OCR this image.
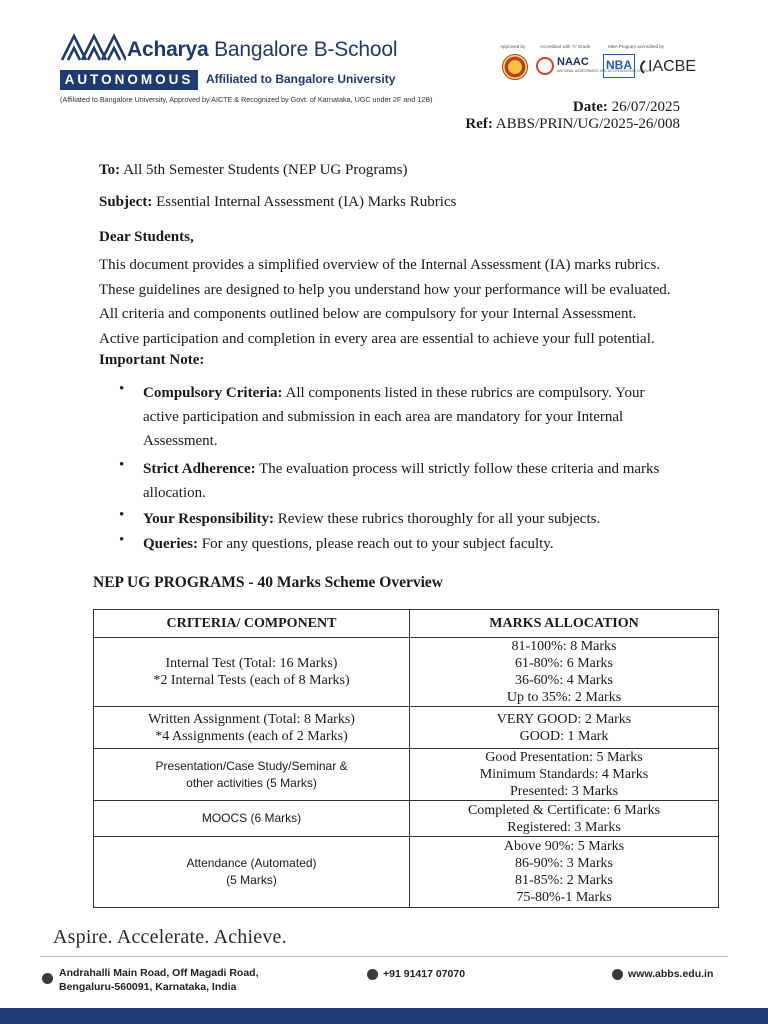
Acharya Bangalore B-School
AUTONOMOUS	Affiliated to Bangalore University
(Affiliated to Bangalore University, Approved by AICTE & Recognized by Govt. of Karnataka, UGC under 2F and 12B)
Approved by	Accredited with 'A' Grade	MBA Program accredited by
NAAC
NATIONAL ASSESSMENT AND ACCREDITATION COUNCIL
NBA IACBE
Date: 26/07/2025
Ref: ABBS/PRIN/UG/2025-26/008
To: All 5th Semester Students (NEP UG Programs)
Subject: Essential Internal Assessment (IA) Marks Rubrics
Dear Students,
This document provides a simplified overview of the Internal Assessment (IA) marks rubrics.
These guidelines are designed to help you understand how your performance will be evaluated.
All criteria and components outlined below are compulsory for your Internal Assessment.
Active participation and completion in every area are essential to achieve your full potential.
Important Note:
• Compulsory Criteria: All components listed in these rubrics are compulsory. Your
active participation and submission in each area are mandatory for your Internal
Assessment.
• Strict Adherence: The evaluation process will strictly follow these criteria and marks
allocation.
• Your Responsibility: Review these rubrics thoroughly for all your subjects.
• Queries: For any questions, please reach out to your subject faculty.
NEP UG PROGRAMS - 40 Marks Scheme Overview
CRITERIA/ COMPONENT	MARKS ALLOCATION

Internal Test (Total: 16 Marks)
*2 Internal Tests (each of 8 Marks)	81-100%: 8 Marks
61-80%: 6 Marks
36-60%: 4 Marks
Up to 35%: 2 Marks

Written Assignment (Total: 8 Marks)
*4 Assignments (each of 2 Marks)	VERY GOOD: 2 Marks
GOOD: 1 Mark

Presentation/Case Study/Seminar &
other activities (5 Marks)	Good Presentation: 5 Marks
Minimum Standards: 4 Marks
Presented: 3 Marks

MOOCS (6 Marks)	Completed & Certificate: 6 Marks
Registered: 3 Marks

Attendance (Automated)
(5 Marks)	Above 90%: 5 Marks
86-90%: 3 Marks
81-85%: 2 Marks
75-80%-1 Marks
Aspire. Accelerate. Achieve.
Andrahalli Main Road, Off Magadi Road,
Bengaluru-560091, Karnataka, India
+91 91417 07070	www.abbs.edu.in
